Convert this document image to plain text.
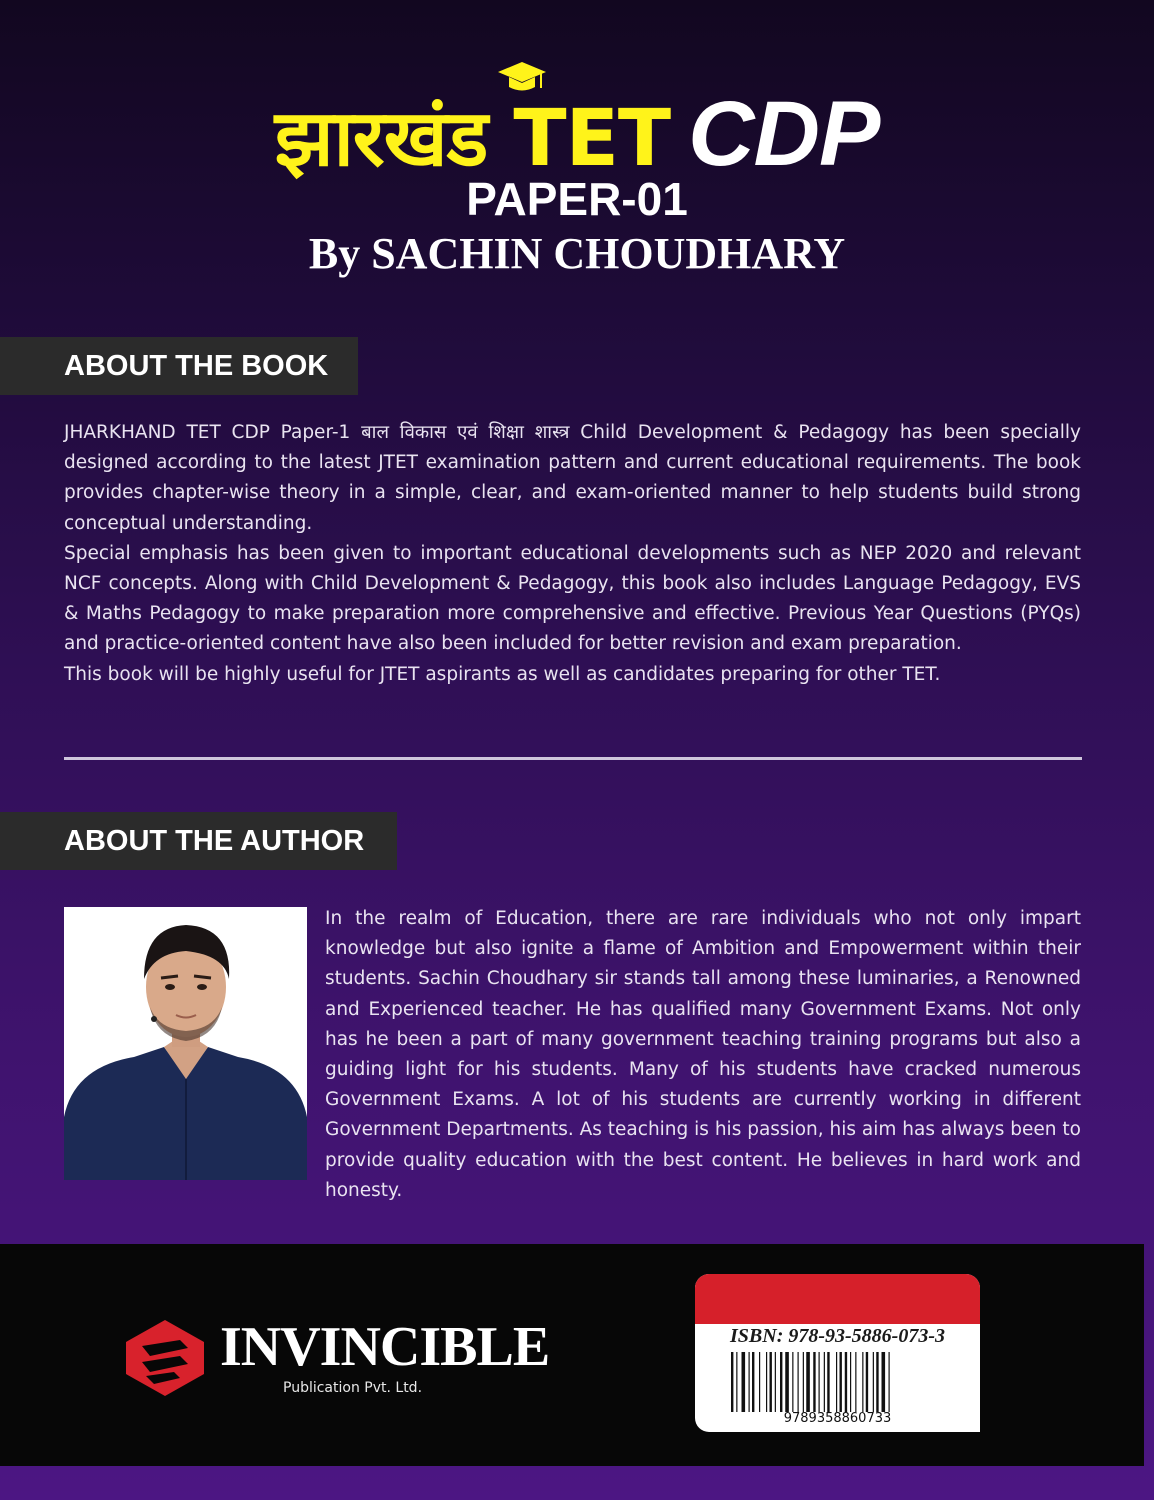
झारखंड TET CDP
PAPER-01
By SACHIN CHOUDHARY
ABOUT THE BOOK

JHARKHAND TET CDP Paper-1 बाल विकास एवं शिक्षा शास्त्र Child Development & Pedagogy has been specially designed according to the latest JTET examination pattern and current educational requirements. The book provides chapter-wise theory in a simple, clear, and exam-oriented manner to help students build strong conceptual understanding.

Special emphasis has been given to important educational developments such as NEP 2020 and relevant NCF concepts. Along with Child Development & Pedagogy, this book also includes Language Pedagogy, EVS & Maths Pedagogy to make preparation more comprehensive and effective. Previous Year Questions (PYQs) and practice-oriented content have also been included for better revision and exam preparation.

This book will be highly useful for JTET aspirants as well as candidates preparing for other TET.

ABOUT THE AUTHOR

In the realm of Education, there are rare individuals who not only impart knowledge but also ignite a flame of Ambition and Empowerment within their students. Sachin Choudhary sir stands tall among these luminaries, a Renowned and Experienced teacher. He has qualified many Government Exams. Not only has he been a part of many government teaching training programs but also a guiding light for his students. Many of his students have cracked numerous Government Exams. A lot of his students are currently working in different Government Departments. As teaching is his passion, his aim has always been to provide quality education with the best content. He believes in hard work and honesty.

INVINCIBLE
Publication Pvt. Ltd.
ISBN: 978-93-5886-073-3
9789358860733
